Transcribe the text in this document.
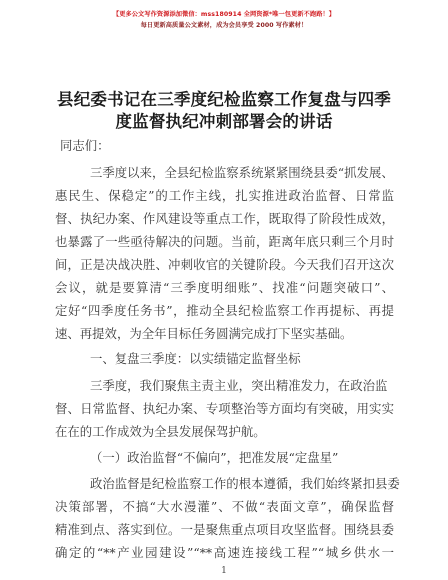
【更多公文写作资源添加微信：mss180914 全网资源*唯一包更新不跑路！】
每日更新高质量公文素材，成为会员享受 2000 写作素材！
县纪委书记在三季度纪检监察工作复盘与四季
度监督执纪冲刺部署会的讲话
同志们：
三季度以来，全县纪检监察系统紧紧围绕县委“抓发展、
惠民生、保稳定”的工作主线，扎实推进政治监督、日常监
督、执纪办案、作风建设等重点工作，既取得了阶段性成效，
也暴露了一些亟待解决的问题。当前，距离年底只剩三个月时
间，正是决战决胜、冲刺收官的关键阶段。今天我们召开这次
会议，就是要算清“三季度明细账”、找准“问题突破口”、
定好“四季度任务书”，推动全县纪检监察工作再提标、再提
速、再提效，为全年目标任务圆满完成打下坚实基础。
一、复盘三季度：以实绩锚定监督坐标
三季度，我们聚焦主责主业，突出精准发力，在政治监
督、日常监督、执纪办案、专项整治等方面均有突破，用实实
在在的工作成效为全县发展保驾护航。
（一）政治监督“不偏向”，把准发展“定盘星”
政治监督是纪检监察工作的根本遵循，我们始终紧扣县委
决策部署，不搞“大水漫灌”、不做“表面文章”，确保监督
精准到点、落实到位。一是聚焦重点项目攻坚监督。围绕县委
确定的“**产业园建设”“**高速连接线工程”“城乡供水一
1
